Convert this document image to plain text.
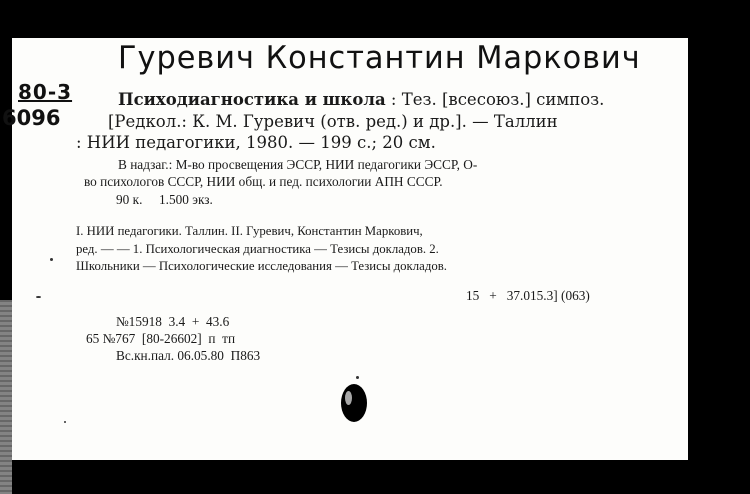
Гуревич Константин Маркович
80-3
6096
Психодиагностика и школа : Тез. [всесоюз.] симпоз.
[Редкол.: К. М. Гуревич (отв. ред.) и др.]. — Таллин
: НИИ педагогики, 1980. — 199 с.; 20 см.
В надзаг.: М-во просвещения ЭССР, НИИ педагогики ЭССР, О-
во психологов СССР, НИИ общ. и пед. психологии АПН СССР.
90 к.     1.500 экз.
I. НИИ педагогики. Таллин. II. Гуревич, Константин Маркович,
ред. — — 1. Психологическая диагностика — Тезисы докладов. 2.
Школьники — Психологические исследования — Тезисы докладов.
15   +   37.015.3] (063)
№15918  3.4  +  43.6
65 №767  [80-26602]  п  тп
Вс.кн.пал. 06.05.80  П863
